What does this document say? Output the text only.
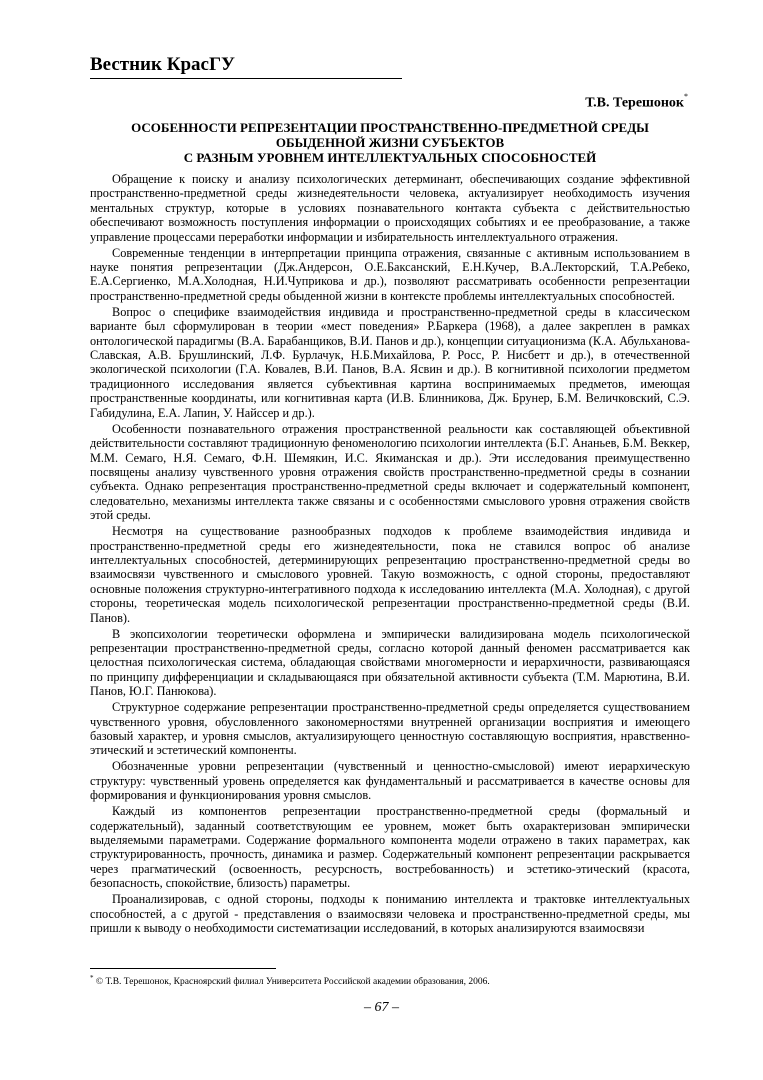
Вестник КрасГУ
Т.В. Терешонок*
ОСОБЕННОСТИ РЕПРЕЗЕНТАЦИИ ПРОСТРАНСТВЕННО-ПРЕДМЕТНОЙ СРЕДЫ
ОБЫДЕННОЙ ЖИЗНИ СУБЪЕКТОВ
С РАЗНЫМ УРОВНЕМ ИНТЕЛЛЕКТУАЛЬНЫХ СПОСОБНОСТЕЙ

Обращение к поиску и анализу психологических детерминант, обеспечивающих создание эффективной пространственно-предметной среды жизнедеятельности человека, актуализирует необходимость изучения ментальных структур, которые в условиях познавательного контакта субъекта с действительностью обеспечивают возможность поступления информации о происходящих событиях и ее преобразование, а также управление процессами переработки информации и избирательность интеллектуального отражения.

Современные тенденции в интерпретации принципа отражения, связанные с активным использованием в науке понятия репрезентации (Дж.Андерсон, О.Е.Баксанский, Е.Н.Кучер, В.А.Лекторский, Т.А.Ребеко, Е.А.Сергиенко, М.А.Холодная, Н.И.Чуприкова и др.), позволяют рассматривать особенности репрезентации пространственно-предметной среды обыденной жизни в контексте проблемы интеллектуальных способностей.

Вопрос о специфике взаимодействия индивида и пространственно-предметной среды в классическом варианте был сформулирован в теории «мест поведения» Р.Баркера (1968), а далее закреплен в рамках онтологической парадигмы (В.А. Барабанщиков, В.И. Панов и др.), концепции ситуационизма (К.А. Абульханова-Славская, А.В. Брушлинский, Л.Ф. Бурлачук, Н.Б.Михайлова, Р. Росс, Р. Нисбетт и др.), в отечественной экологической психологии (Г.А. Ковалев, В.И. Панов, В.А. Ясвин и др.). В когнитивной психологии предметом традиционного исследования является субъективная картина воспринимаемых предметов, имеющая пространственные координаты, или когнитивная карта (И.В. Блинникова, Дж. Брунер, Б.М. Величковский, С.Э. Габидулина, Е.А. Лапин, У. Найссер и др.).

Особенности познавательного отражения пространственной реальности как составляющей объективной действительности составляют традиционную феноменологию психологии интеллекта (Б.Г. Ананьев, Б.М. Веккер, М.М. Семаго, Н.Я. Семаго, Ф.Н. Шемякин, И.С. Якиманская и др.). Эти исследования преимущественно посвящены анализу чувственного уровня отражения свойств пространственно-предметной среды в сознании субъекта. Однако репрезентация пространственно-предметной среды включает и содержательный компонент, следовательно, механизмы интеллекта также связаны и с особенностями смыслового уровня отражения свойств этой среды.

Несмотря на существование разнообразных подходов к проблеме взаимодействия индивида и пространственно-предметной среды его жизнедеятельности, пока не ставился вопрос об анализе интеллектуальных способностей, детерминирующих репрезентацию пространственно-предметной среды во взаимосвязи чувственного и смыслового уровней. Такую возможность, с одной стороны, предоставляют основные положения структурно-интегративного подхода к исследованию интеллекта (М.А. Холодная), с другой стороны, теоретическая модель психологической репрезентации пространственно-предметной среды (В.И. Панов).

В экопсихологии теоретически оформлена и эмпирически валидизирована модель психологической репрезентации пространственно-предметной среды, согласно которой данный феномен рассматривается как целостная психологическая система, обладающая свойствами многомерности и иерархичности, развивающаяся по принципу дифференциации и складывающаяся при обязательной активности субъекта (Т.М. Марютина, В.И. Панов, Ю.Г. Панюкова).

Структурное содержание репрезентации пространственно-предметной среды определяется существованием чувственного уровня, обусловленного закономерностями внутренней организации восприятия и имеющего базовый характер, и уровня смыслов, актуализирующего ценностную составляющую восприятия, нравственно-этический и эстетический компоненты.

Обозначенные уровни репрезентации (чувственный и ценностно-смысловой) имеют иерархическую структуру: чувственный уровень определяется как фундаментальный и рассматривается в качестве основы для формирования и функционирования уровня смыслов.

Каждый из компонентов репрезентации пространственно-предметной среды (формальный и содержательный), заданный соответствующим ее уровнем, может быть охарактеризован эмпирически выделяемыми параметрами. Содержание формального компонента модели отражено в таких параметрах, как структурированность, прочность, динамика и размер. Содержательный компонент репрезентации раскрывается через прагматический (освоенность, ресурсность, востребованность) и эстетико-этический (красота, безопасность, спокойствие, близость) параметры.

Проанализировав, с одной стороны, подходы к пониманию интеллекта и трактовке интеллектуальных способностей, а с другой - представления о взаимосвязи человека и пространственно-предметной среды, мы пришли к выводу о необходимости систематизации исследований, в которых анализируются взаимосвязи

* © Т.В. Терешонок, Красноярский филиал Университета Российской академии образования, 2006.
– 67 –
